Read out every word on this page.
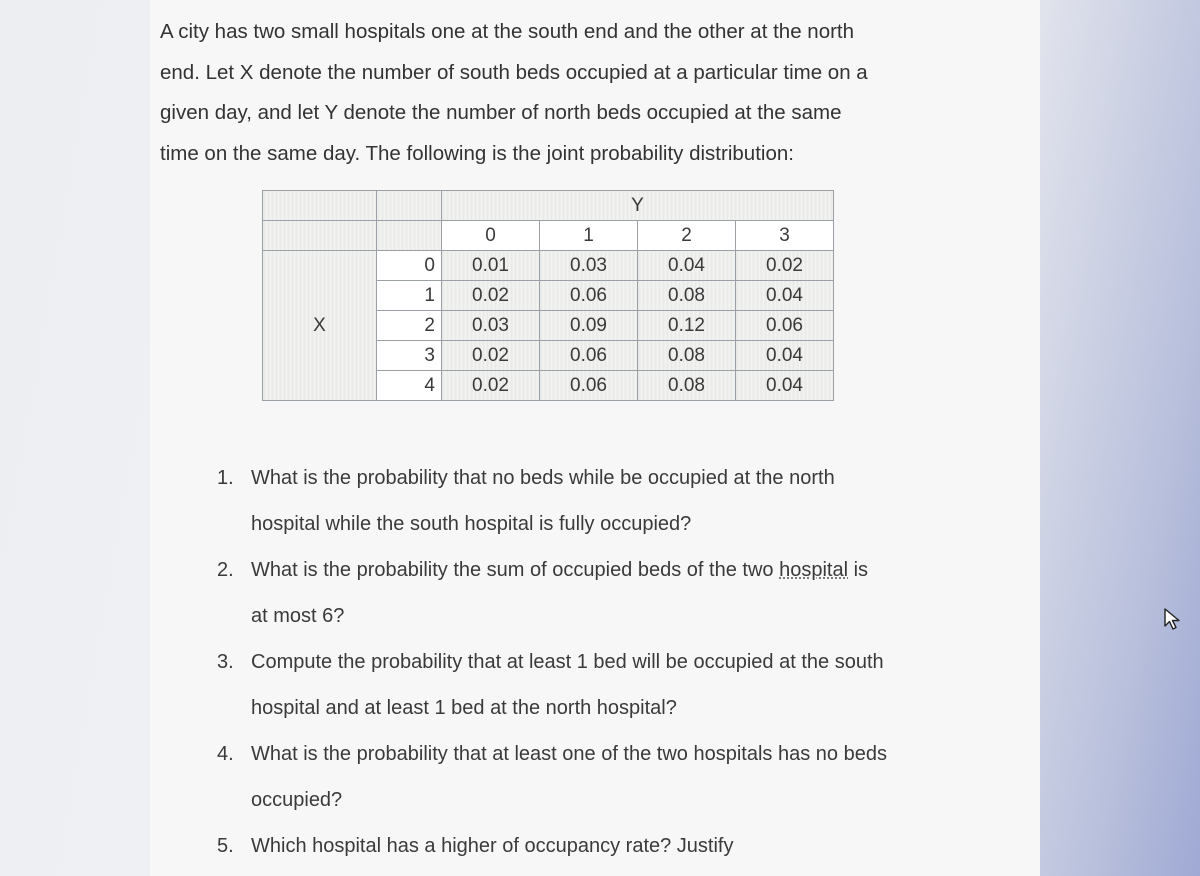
A city has two small hospitals one at the south end and the other at the north

end. Let X denote the number of south beds occupied at a particular time on a

given day, and let Y denote the number of north beds occupied at the same

time on the same day. The following is the joint probability distribution:

		Y			
		0	1	2	3
X	0	0.01	0.03	0.04	0.02
	1	0.02	0.06	0.08	0.04
	2	0.03	0.09	0.12	0.06
	3	0.02	0.06	0.08	0.04
	4	0.02	0.06	0.08	0.04
1. What is the probability that no beds while be occupied at the north
hospital while the south hospital is fully occupied?
2. What is the probability the sum of occupied beds of the two hospital is
at most 6?
3. Compute the probability that at least 1 bed will be occupied at the south
hospital and at least 1 bed at the north hospital?
4. What is the probability that at least one of the two hospitals has no beds
occupied?
5. Which hospital has a higher of occupancy rate? Justify
